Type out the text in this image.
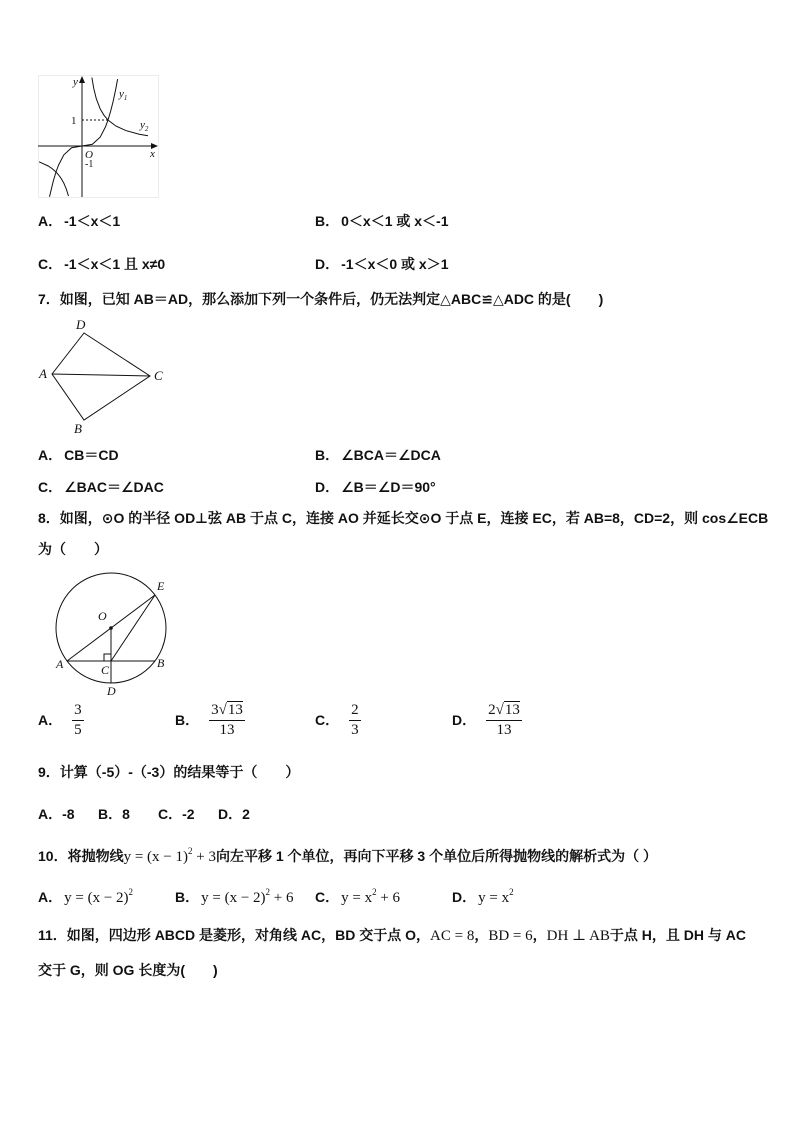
y
x
O
1
-1
$y_1$
$y_2$
A． -1＜x＜1	B． 0＜x＜1 或 x＜-1
C． -1＜x＜1 且 x≠0	D． -1＜x＜0 或 x＞1
7．如图，已知 AB＝AD，那么添加下列一个条件后，仍无法判定△ABC≌△ADC 的是(　　)
D
A	C
B
A． CB＝CD	B． ∠BCA＝∠DCA
C． ∠BAC＝∠DAC	D． ∠B＝∠D＝90°
8．如图，⊙O 的半径 OD⊥弦 AB 于点 C，连接 AO 并延长交⊙O 于点 E，连接 EC，若 AB=8，CD=2，则 cos∠ECB
为（　　）
E
O
A	B
C
D
A． $\frac{3}{5}$	B． $\frac{3√13}{13}$	C． $\frac{2}{3}$	D． $\frac{2√13}{13}$
9．计算（-5）-（-3）的结果等于（　　）
A．-8 B．8 C．-2 D．2
10．将抛物线$y = (x - 1)^2 + 3$向左平移 1 个单位，再向下平移 3 个单位后所得抛物线的解析式为（ ）
A． $y = (x - 2)^2$	B． $y = (x - 2)^2 + 6$ C． $y = x^2 + 6$	D． $y = x^2$
11．如图，四边形 ABCD 是菱形，对角线 AC，BD 交于点 O，AC = 8，BD = 6，DH ⊥ AB于点 H，且 DH 与 AC
交于 G，则 OG 长度为(　　)
